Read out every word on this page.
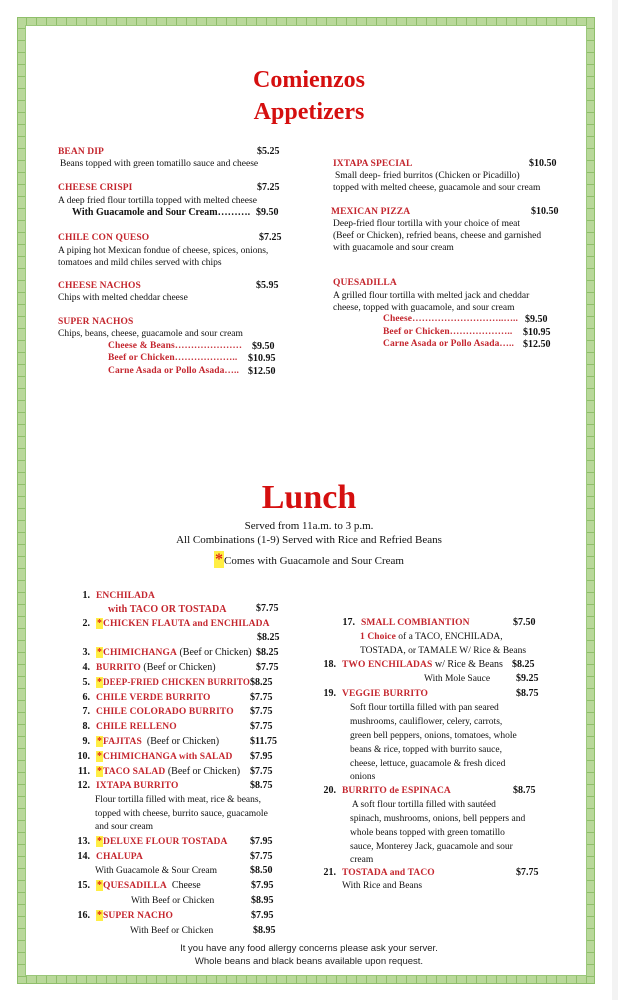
Comienzos
Appetizers
BEAN DIP	$5.25
Beans topped with green tomatillo sauce and cheese
CHEESE CRISPI	$7.25
A deep fried flour tortilla topped with melted cheese
With Guacamole and Sour Cream………. $9.50
CHILE CON QUESO	$7.25
A piping hot Mexican fondue of cheese, spices, onions,
tomatoes and mild chiles served with chips
CHEESE NACHOS	$5.95
Chips with melted cheddar cheese
SUPER NACHOS
Chips, beans, cheese, guacamole and sour cream
Cheese & Beans………………… $9.50
Beef or Chicken……………….. $10.95
Carne Asada or Pollo Asada….. $12.50
IXTAPA SPECIAL	$10.50
Small deep- fried burritos (Chicken or Picadillo)
topped with melted cheese, guacamole and sour cream
MEXICAN PIZZA	$10.50
Deep-fried flour tortilla with your choice of meat
(Beef or Chicken), refried beans, cheese and garnished
with guacamole and sour cream
QUESADILLA
A grilled flour tortilla with melted jack and cheddar
cheese, topped with guacamole, and sour cream
Cheese………………………..….. $9.50
Beef or Chicken……………….. $10.95
Carne Asada or Pollo Asada….. $12.50
Lunch
Served from 11a.m. to 3 p.m.
All Combinations (1-9) Served with Rice and Refried Beans
*Comes with Guacamole and Sour Cream
1. ENCHILADA
with TACO OR TOSTADA	$7.75
2. *CHICKEN FLAUTA and ENCHILADA
$8.25
3. *CHIMICHANGA (Beef or Chicken) $8.25
4. BURRITO (Beef or Chicken)	$7.75
5. *DEEP-FRIED CHICKEN BURRITO $8.25
6. CHILE VERDE BURRITO	$7.75
7. CHILE COLORADO BURRITO $7.75
8. CHILE RELLENO	$7.75
9. *FAJITAS (Beef or Chicken)	$11.75
10. *CHIMICHANGA with SALAD $7.95
11. *TACO SALAD (Beef or Chicken) $7.75
12. IXTAPA BURRITO	$8.75
Flour tortilla filled with meat, rice & beans,
topped with cheese, burrito sauce, guacamole
and sour cream
13. *DELUXE FLOUR TOSTADA $7.95
14. CHALUPA	$7.75
With Guacamole & Sour Cream	$8.50
15. *QUESADILLA Cheese	$7.95
With Beef or Chicken	$8.95
16. *SUPER NACHO	$7.95
With Beef or Chicken	$8.95
17. SMALL COMBIANTION	$7.50
1 Choice of a TACO, ENCHILADA,
TOSTADA, or TAMALE W/ Rice & Beans
18. TWO ENCHILADAS w/ Rice & Beans $8.25
With Mole Sauce	$9.25
19. VEGGIE BURRITO	$8.75
Soft flour tortilla filled with pan seared
mushrooms, cauliflower, celery, carrots,
green bell peppers, onions, tomatoes, whole
beans & rice, topped with burrito sauce,
cheese, lettuce, guacamole & fresh diced
onions
20. BURRITO de ESPINACA	$8.75
A soft flour tortilla filled with sautéed
spinach, mushrooms, onions, bell peppers and
whole beans topped with green tomatillo
sauce, Monterey Jack, guacamole and sour
cream
21. TOSTADA and TACO	$7.75
With Rice and Beans
It you have any food allergy concerns please ask your server.
Whole beans and black beans available upon request.
